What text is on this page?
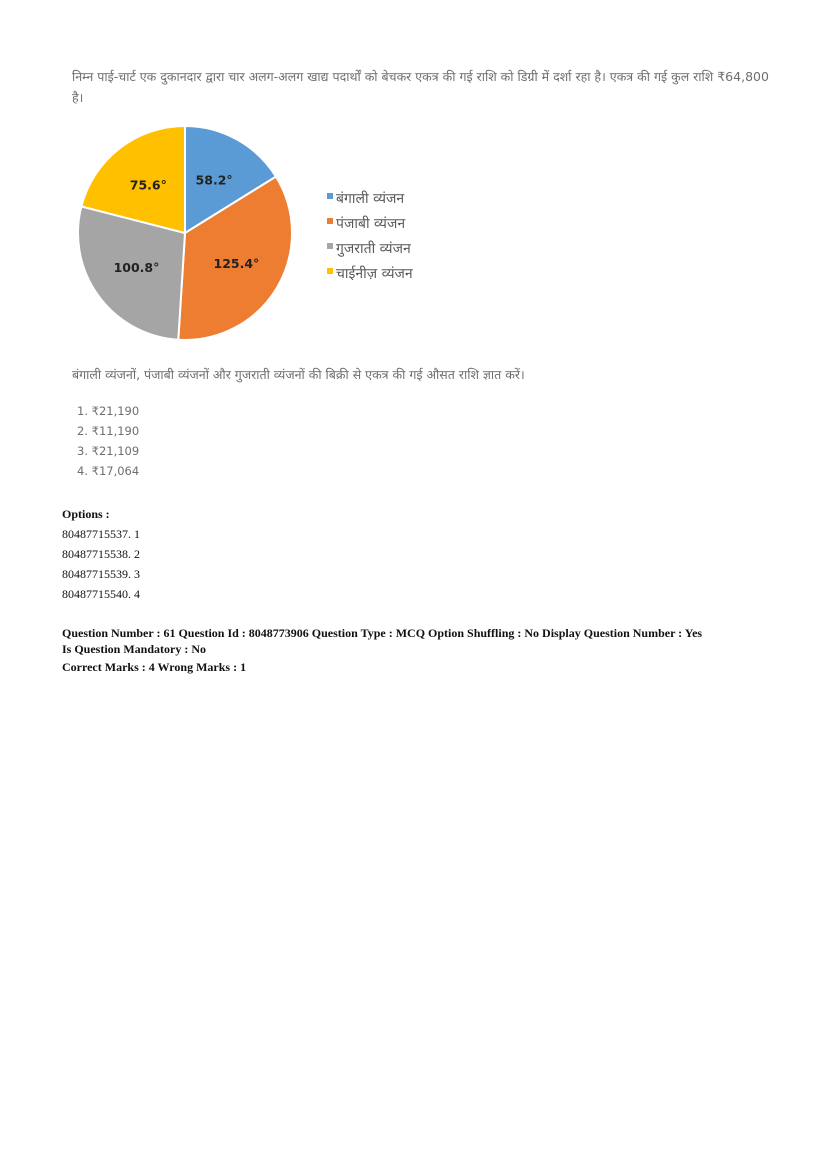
निम्न पाई-चार्ट एक दुकानदार द्वारा चार अलग-अलग खाद्य पदार्थों को बेचकर एकत्र की गई राशि को डिग्री में दर्शा रहा है। एकत्र की गई कुल राशि ₹64,800 है।

58.2°
125.4°
100.8°
75.6°
बंगाली व्यंजन
पंजाबी व्यंजन
गुजराती व्यंजन
चाईनीज़ व्यंजन

बंगाली व्यंजनों, पंजाबी व्यंजनों और गुजराती व्यंजनों की बिक्री से एकत्र की गई औसत राशि ज्ञात करें।

1. ₹21,190
2. ₹11,190
3. ₹21,109
4. ₹17,064
Options :
80487715537. 1
80487715538. 2
80487715539. 3
80487715540. 4
Question Number : 61 Question Id : 8048773906 Question Type : MCQ Option Shuffling : No Display Question Number : Yes
Is Question Mandatory : No
Correct Marks : 4 Wrong Marks : 1
